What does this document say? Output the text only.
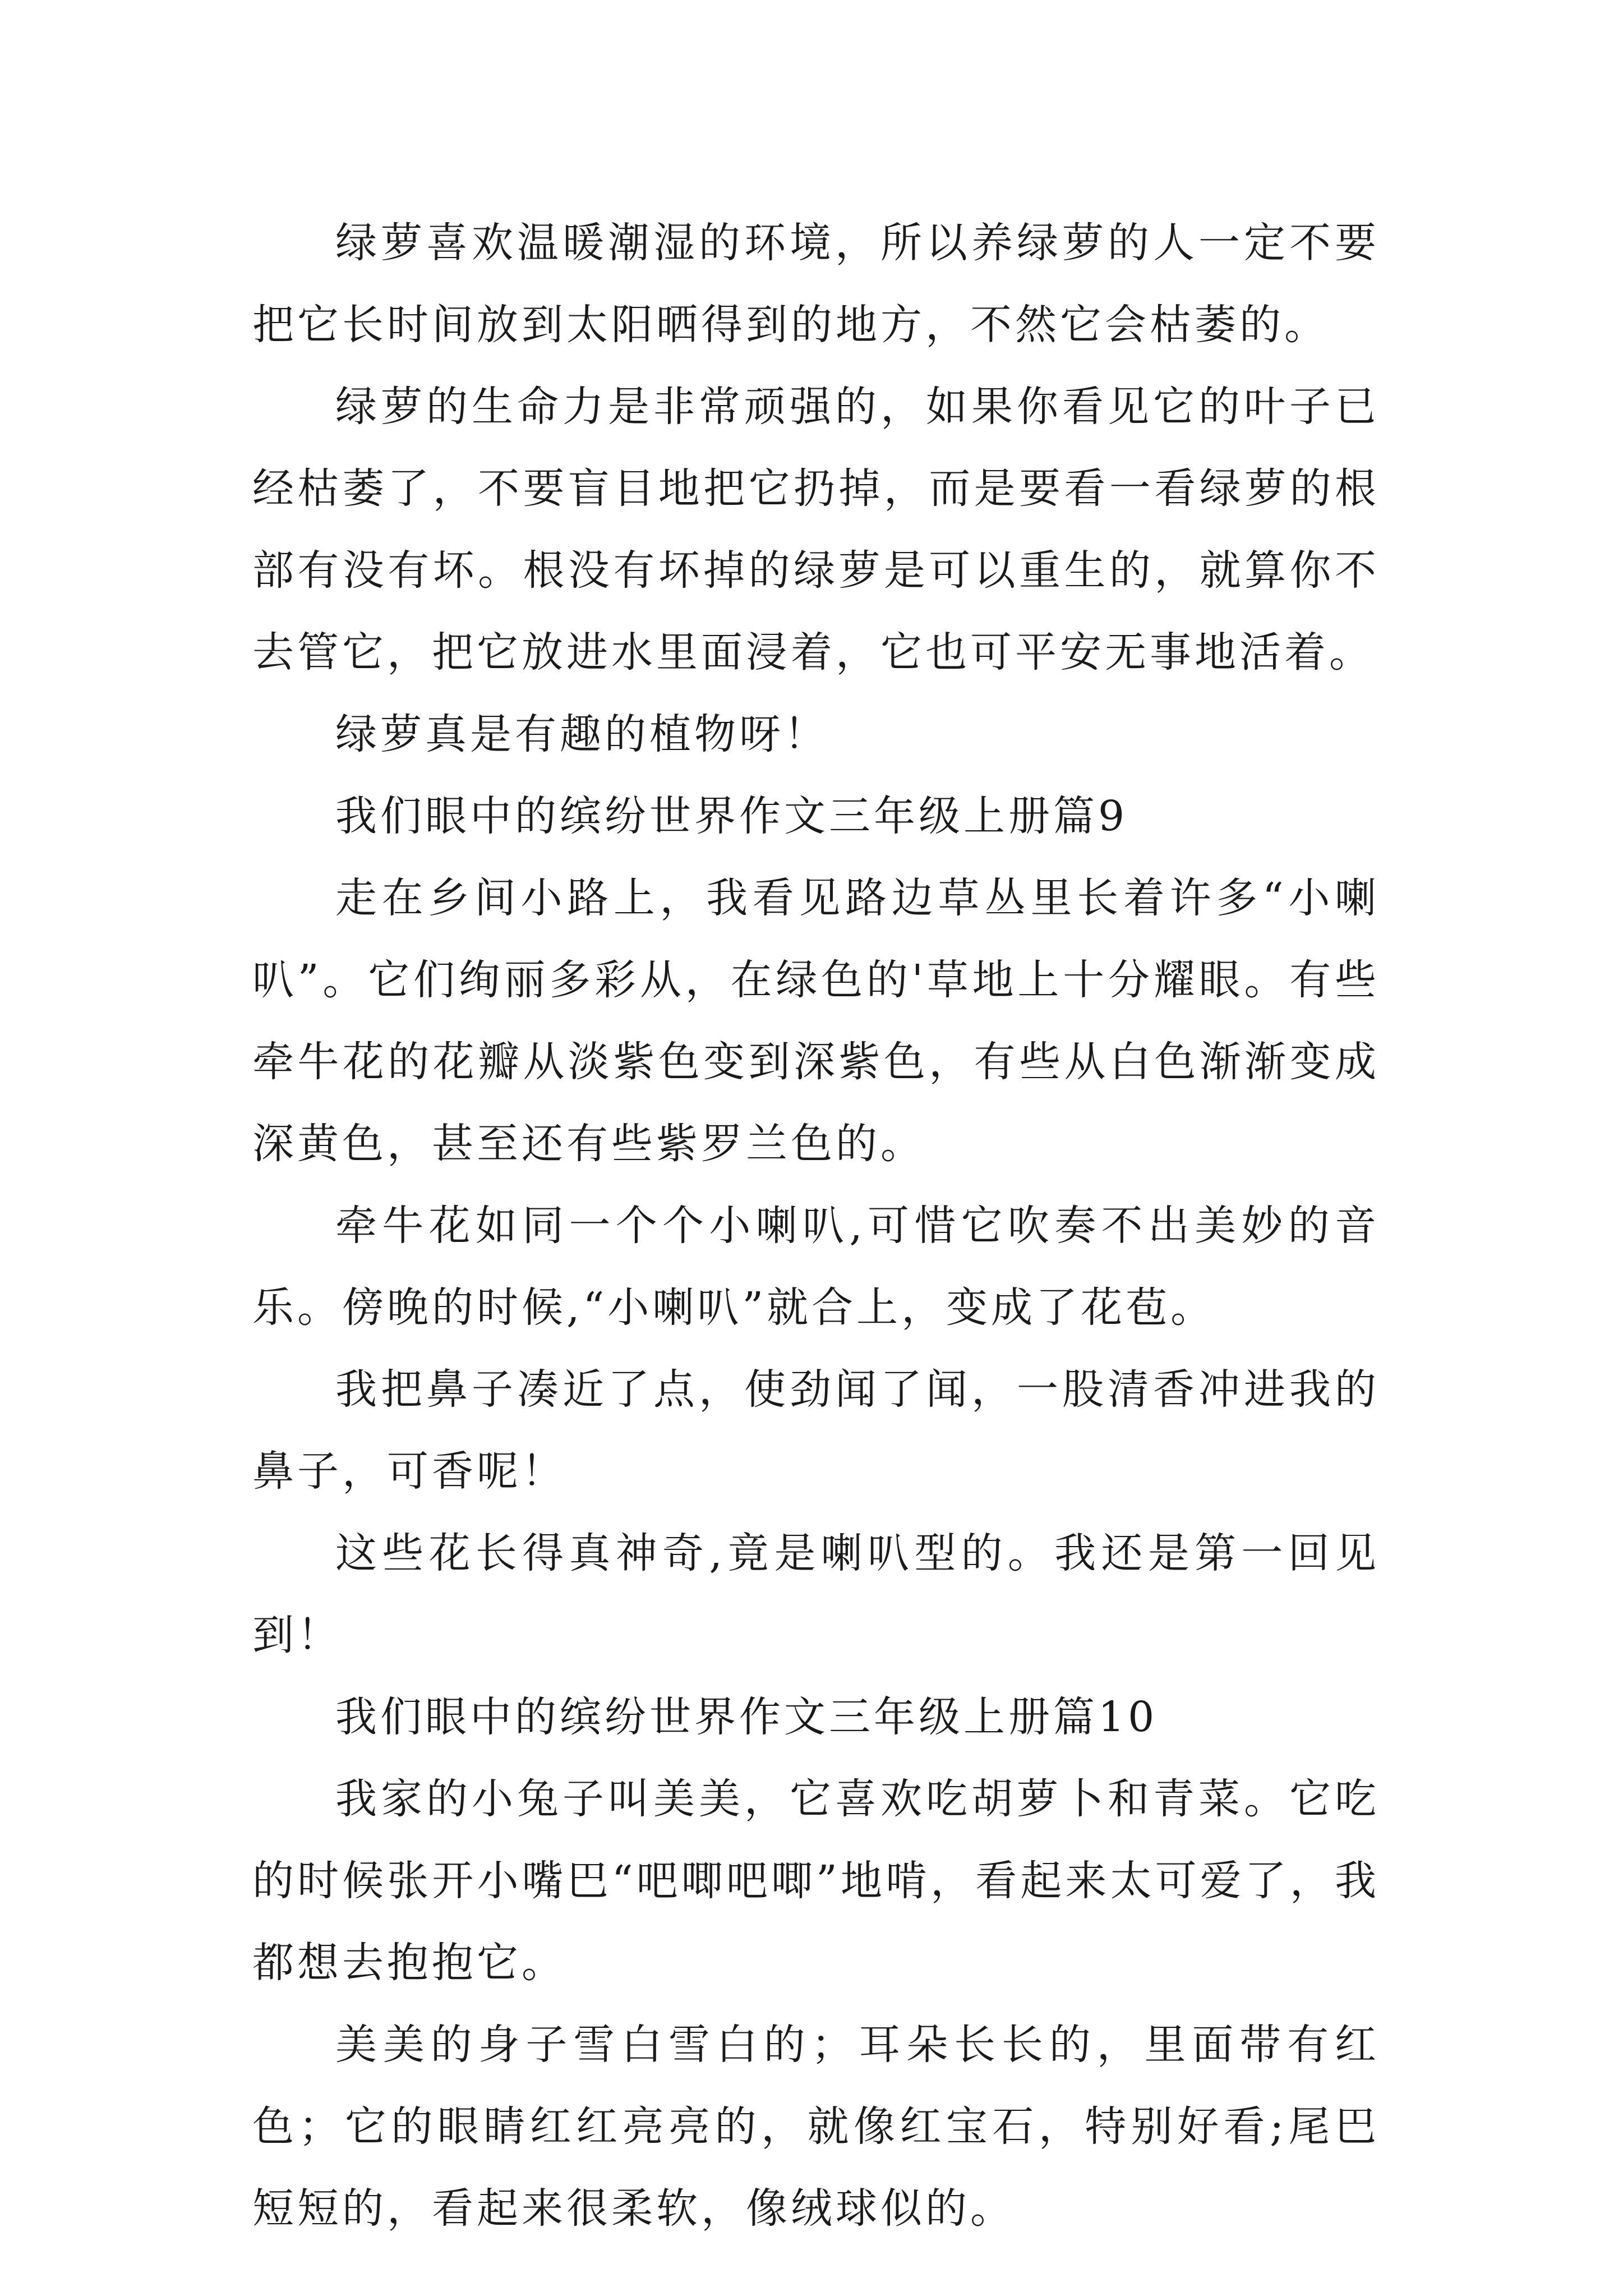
绿萝喜欢温暖潮湿的环境，所以养绿萝的人一定不要把它长时间放到太阳晒得到的地方，不然它会枯萎的。

绿萝的生命力是非常顽强的，如果你看见它的叶子已经枯萎了，不要盲目地把它扔掉，而是要看一看绿萝的根部有没有坏。根没有坏掉的绿萝是可以重生的，就算你不去管它，把它放进水里面浸着，它也可平安无事地活着。

绿萝真是有趣的植物呀！

我们眼中的缤纷世界作文三年级上册篇9

走在乡间小路上，我看见路边草丛里长着许多“小喇叭”。它们绚丽多彩从，在绿色的'草地上十分耀眼。有些牵牛花的花瓣从淡紫色变到深紫色，有些从白色渐渐变成深黄色，甚至还有些紫罗兰色的。

牵牛花如同一个个小喇叭,可惜它吹奏不出美妙的音乐。傍晚的时候,“小喇叭”就合上，变成了花苞。

我把鼻子凑近了点，使劲闻了闻，一股清香冲进我的鼻子，可香呢！

这些花长得真神奇,竟是喇叭型的。我还是第一回见到！

我们眼中的缤纷世界作文三年级上册篇10

我家的小兔子叫美美，它喜欢吃胡萝卜和青菜。它吃的时候张开小嘴巴“吧唧吧唧”地啃，看起来太可爱了，我都想去抱抱它。

美美的身子雪白雪白的；耳朵长长的，里面带有红色；它的眼睛红红亮亮的，就像红宝石，特别好看;尾巴短短的，看起来很柔软，像绒球似的。
